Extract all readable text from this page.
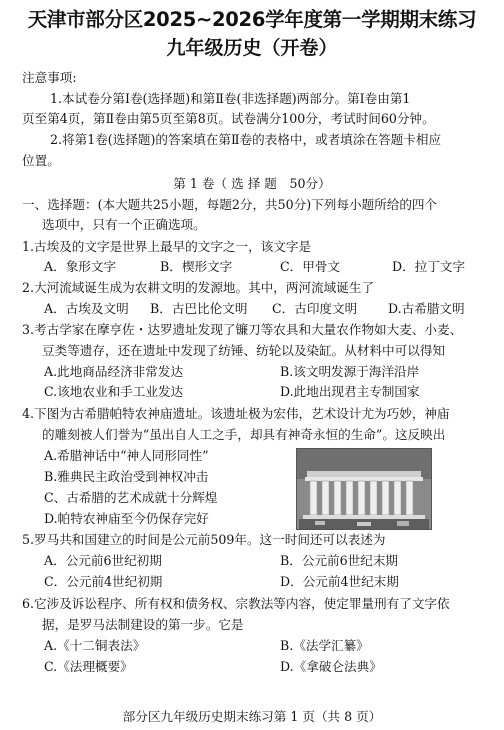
天津市部分区2025~2026学年度第一学期期末练习
九年级历史（开卷）
注意事项:
1.本试卷分第Ⅰ卷(选择题)和第Ⅱ卷(非选择题)两部分。第Ⅰ卷由第1
页至第4页，第Ⅱ卷由第5页至第8页。试卷满分100分，考试时间60分钟。
2.将第1卷(选择题)的答案填在第Ⅱ卷的表格中，或者填涂在答题卡相应
位置。
第 1 卷（ 选 择 题　50分）
一、选择题：(本大题共25小题，每题2分，共50分)下列每小题所给的四个
选项中，只有一个正确选项。
1.古埃及的文字是世界上最早的文字之一，该文字是
A．象形文字	B．楔形文字	C．甲骨文	D．拉丁文字
2.大河流域诞生成为农耕文明的发源地。其中，两河流域诞生了
A．古埃及文明 B．古巴比伦文明 C．古印度文明 D.古希腊文明
3.考古学家在摩亨佐・达罗遗址发现了镰刀等农具和大量农作物如大麦、小麦、
豆类等遗存，还在遗址中发现了纺锤、纺轮以及染缸。从材料中可以得知
A.此地商品经济非常发达	B.该文明发源于海洋沿岸
C.该地农业和手工业发达	D.此地出现君主专制国家
4.下图为古希腊帕特农神庙遗址。该遗址极为宏伟，艺术设计尤为巧妙，神庙
的雕刻被人们誉为“虽出自人工之手，却具有神奇永恒的生命”。这反映出
A.希腊神话中“神人同形同性”
B.雅典民主政治受到神权冲击
C、古希腊的艺术成就十分辉煌
D.帕特农神庙至今仍保存完好
5.罗马共和国建立的时间是公元前509年。这一时间还可以表述为
A．公元前6世纪初期	B．公元前6世纪末期
C．公元前4世纪初期	D．公元前4世纪末期
6.它涉及诉讼程序、所有权和债务权、宗教法等内容，使定罪量刑有了文字依
据，是罗马法制建设的第一步。它是
A.《十二铜表法》	B.《法学汇纂》
C.《法理概要》	D.《拿破仑法典》
部分区九年级历史期末练习第 1 页（共 8 页）
